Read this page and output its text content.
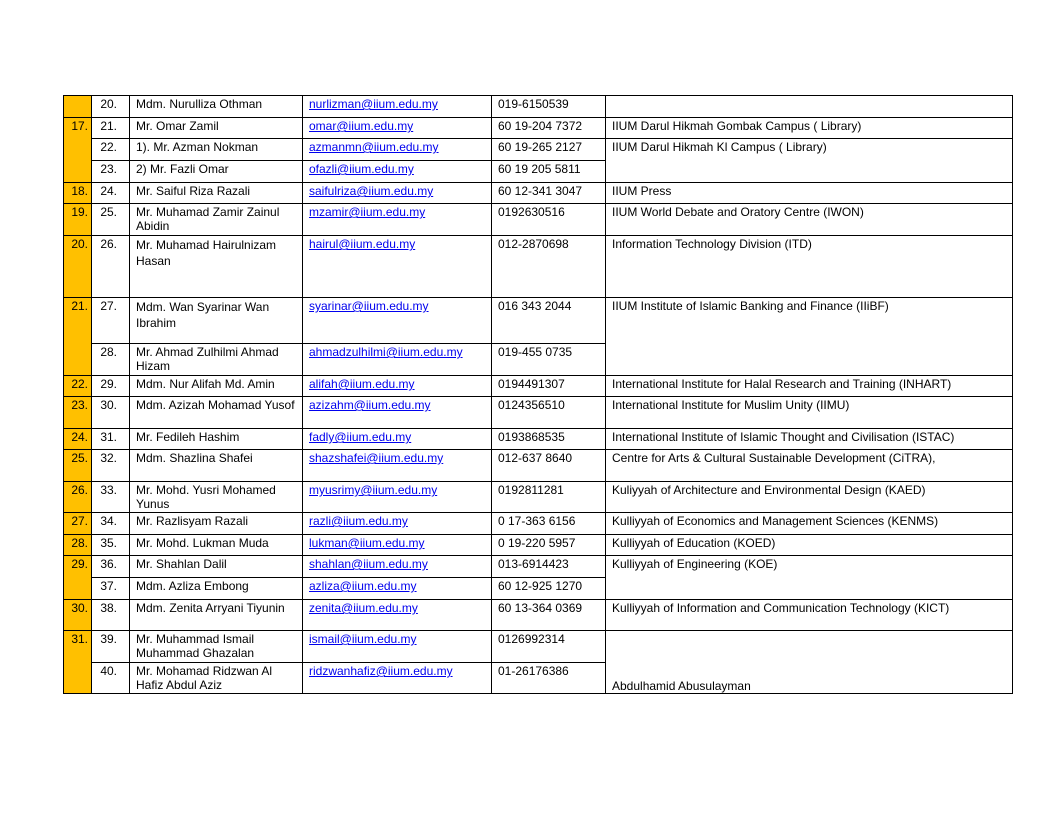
	20.	Mdm. Nurulliza Othman	nurlizman@iium.edu.my	019-6150539	
17.	21.	Mr. Omar Zamil	omar@iium.edu.my	60 19-204 7372	IIUM Darul Hikmah Gombak Campus ( Library)
	22.	1). Mr. Azman Nokman	azmanmn@iium.edu.my	60 19-265 2127	IIUM Darul Hikmah Kl Campus ( Library)
	23.	2) Mr. Fazli Omar	ofazli@iium.edu.my	60 19 205 5811	
18.	24.	Mr. Saiful Riza Razali	saifulriza@iium.edu.my	60 12-341 3047	IIUM Press
19.	25.	Mr. Muhamad Zamir Zainul Abidin	mzamir@iium.edu.my	0192630516	IIUM World Debate and Oratory Centre (IWON)
20.	26.	Mr. Muhamad Hairulnizam Hasan	hairul@iium.edu.my	012-2870698	Information Technology Division (ITD)
21.	27.	Mdm. Wan Syarinar Wan Ibrahim	syarinar@iium.edu.my	016 343 2044	IIUM Institute of Islamic Banking and Finance (IIiBF)
	28.	Mr. Ahmad Zulhilmi Ahmad Hizam	ahmadzulhilmi@iium.edu.my	019-455 0735	
22.	29.	Mdm. Nur Alifah Md. Amin	alifah@iium.edu.my	0194491307	International Institute for Halal Research and Training (INHART)
23.	30.	Mdm. Azizah Mohamad Yusof	azizahm@iium.edu.my	0124356510	International Institute for Muslim Unity (IIMU)
24.	31.	Mr. Fedileh Hashim	fadly@iium.edu.my	0193868535	International Institute of Islamic Thought and Civilisation (ISTAC)
25.	32.	Mdm. Shazlina Shafei	shazshafei@iium.edu.my	012-637 8640	Centre for Arts & Cultural Sustainable Development (CiTRA),
26.	33.	Mr. Mohd. Yusri Mohamed Yunus	myusrimy@iium.edu.my	0192811281	Kuliyyah of Architecture and Environmental Design (KAED)
27.	34.	Mr. Razlisyam Razali	razli@iium.edu.my	0 17-363 6156	Kulliyyah of Economics and Management Sciences (KENMS)
28.	35.	Mr. Mohd. Lukman Muda	lukman@iium.edu.my	0 19-220 5957	Kulliyyah of Education (KOED)
29.	36.	Mr. Shahlan Dalil	shahlan@iium.edu.my	013-6914423	Kulliyyah of Engineering (KOE)
	37.	Mdm. Azliza Embong	azliza@iium.edu.my	60 12-925 1270	
30.	38.	Mdm. Zenita Arryani Tiyunin	zenita@iium.edu.my	60 13-364 0369	Kulliyyah of Information and Communication Technology (KICT)
31.	39.	Mr. Muhammad Ismail Muhammad Ghazalan	ismail@iium.edu.my	0126992314	Abdulhamid Abusulayman
	40.	Mr. Mohamad Ridzwan Al Hafiz Abdul Aziz	ridzwanhafiz@iium.edu.my	01-26176386	
